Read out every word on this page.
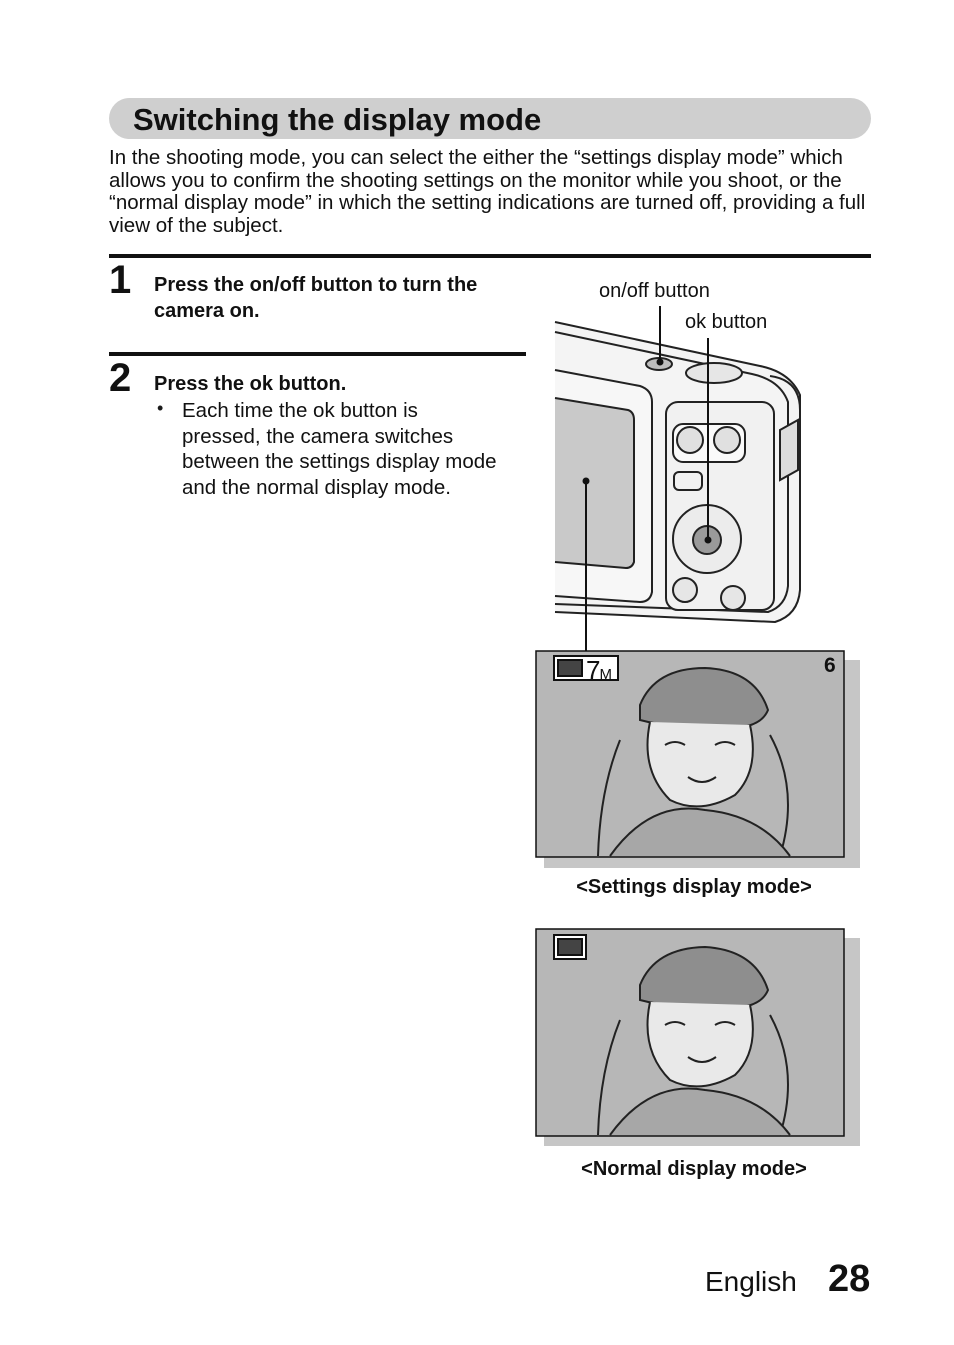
Switching the display mode
In the shooting mode, you can select the either the “settings display mode” which allows you to confirm the shooting settings on the monitor while you shoot, or the “normal display mode” in which the setting indications are turned off, providing a full view of the subject.
1 Press the on/off button to turn the camera on.
2 Press the ok button.
• Each time the ok button is pressed, the camera switches between the settings display mode and the normal display mode.
on/off button
ok button
7M	6
<Settings display mode>
<Normal display mode>
English 28
